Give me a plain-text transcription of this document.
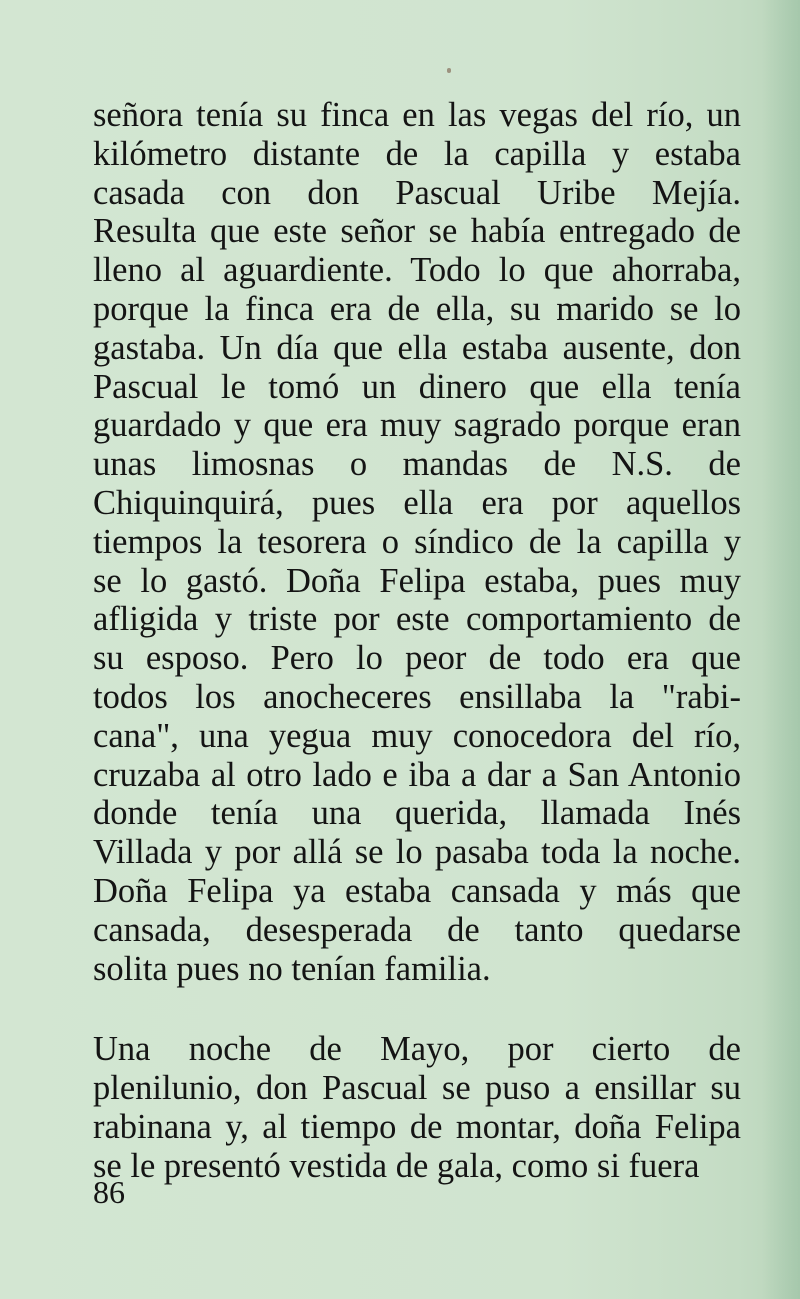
señora tenía su finca en las vegas del río, un
kilómetro distante de la capilla y estaba
casada con don Pascual Uribe Mejía.
Resulta que este señor se había entregado de
lleno al aguardiente. Todo lo que ahorraba,
porque la finca era de ella, su marido se lo
gastaba. Un día que ella estaba ausente, don
Pascual le tomó un dinero que ella tenía
guardado y que era muy sagrado porque eran
unas limosnas o mandas de N.S. de
Chiquinquirá, pues ella era por aquellos
tiempos la tesorera o síndico de la capilla y
se lo gastó. Doña Felipa estaba, pues muy
afligida y triste por este comportamiento de
su esposo. Pero lo peor de todo era que
todos los anocheceres ensillaba la "rabi-
cana", una yegua muy conocedora del río,
cruzaba al otro lado e iba a dar a San Antonio
donde tenía una querida, llamada Inés
Villada y por allá se lo pasaba toda la noche.
Doña Felipa ya estaba cansada y más que
cansada, desesperada de tanto quedarse
solita pues no tenían familia.
Una noche de Mayo, por cierto de
plenilunio, don Pascual se puso a ensillar su
rabinana y, al tiempo de montar, doña Felipa
se le presentó vestida de gala, como si fuera
86
